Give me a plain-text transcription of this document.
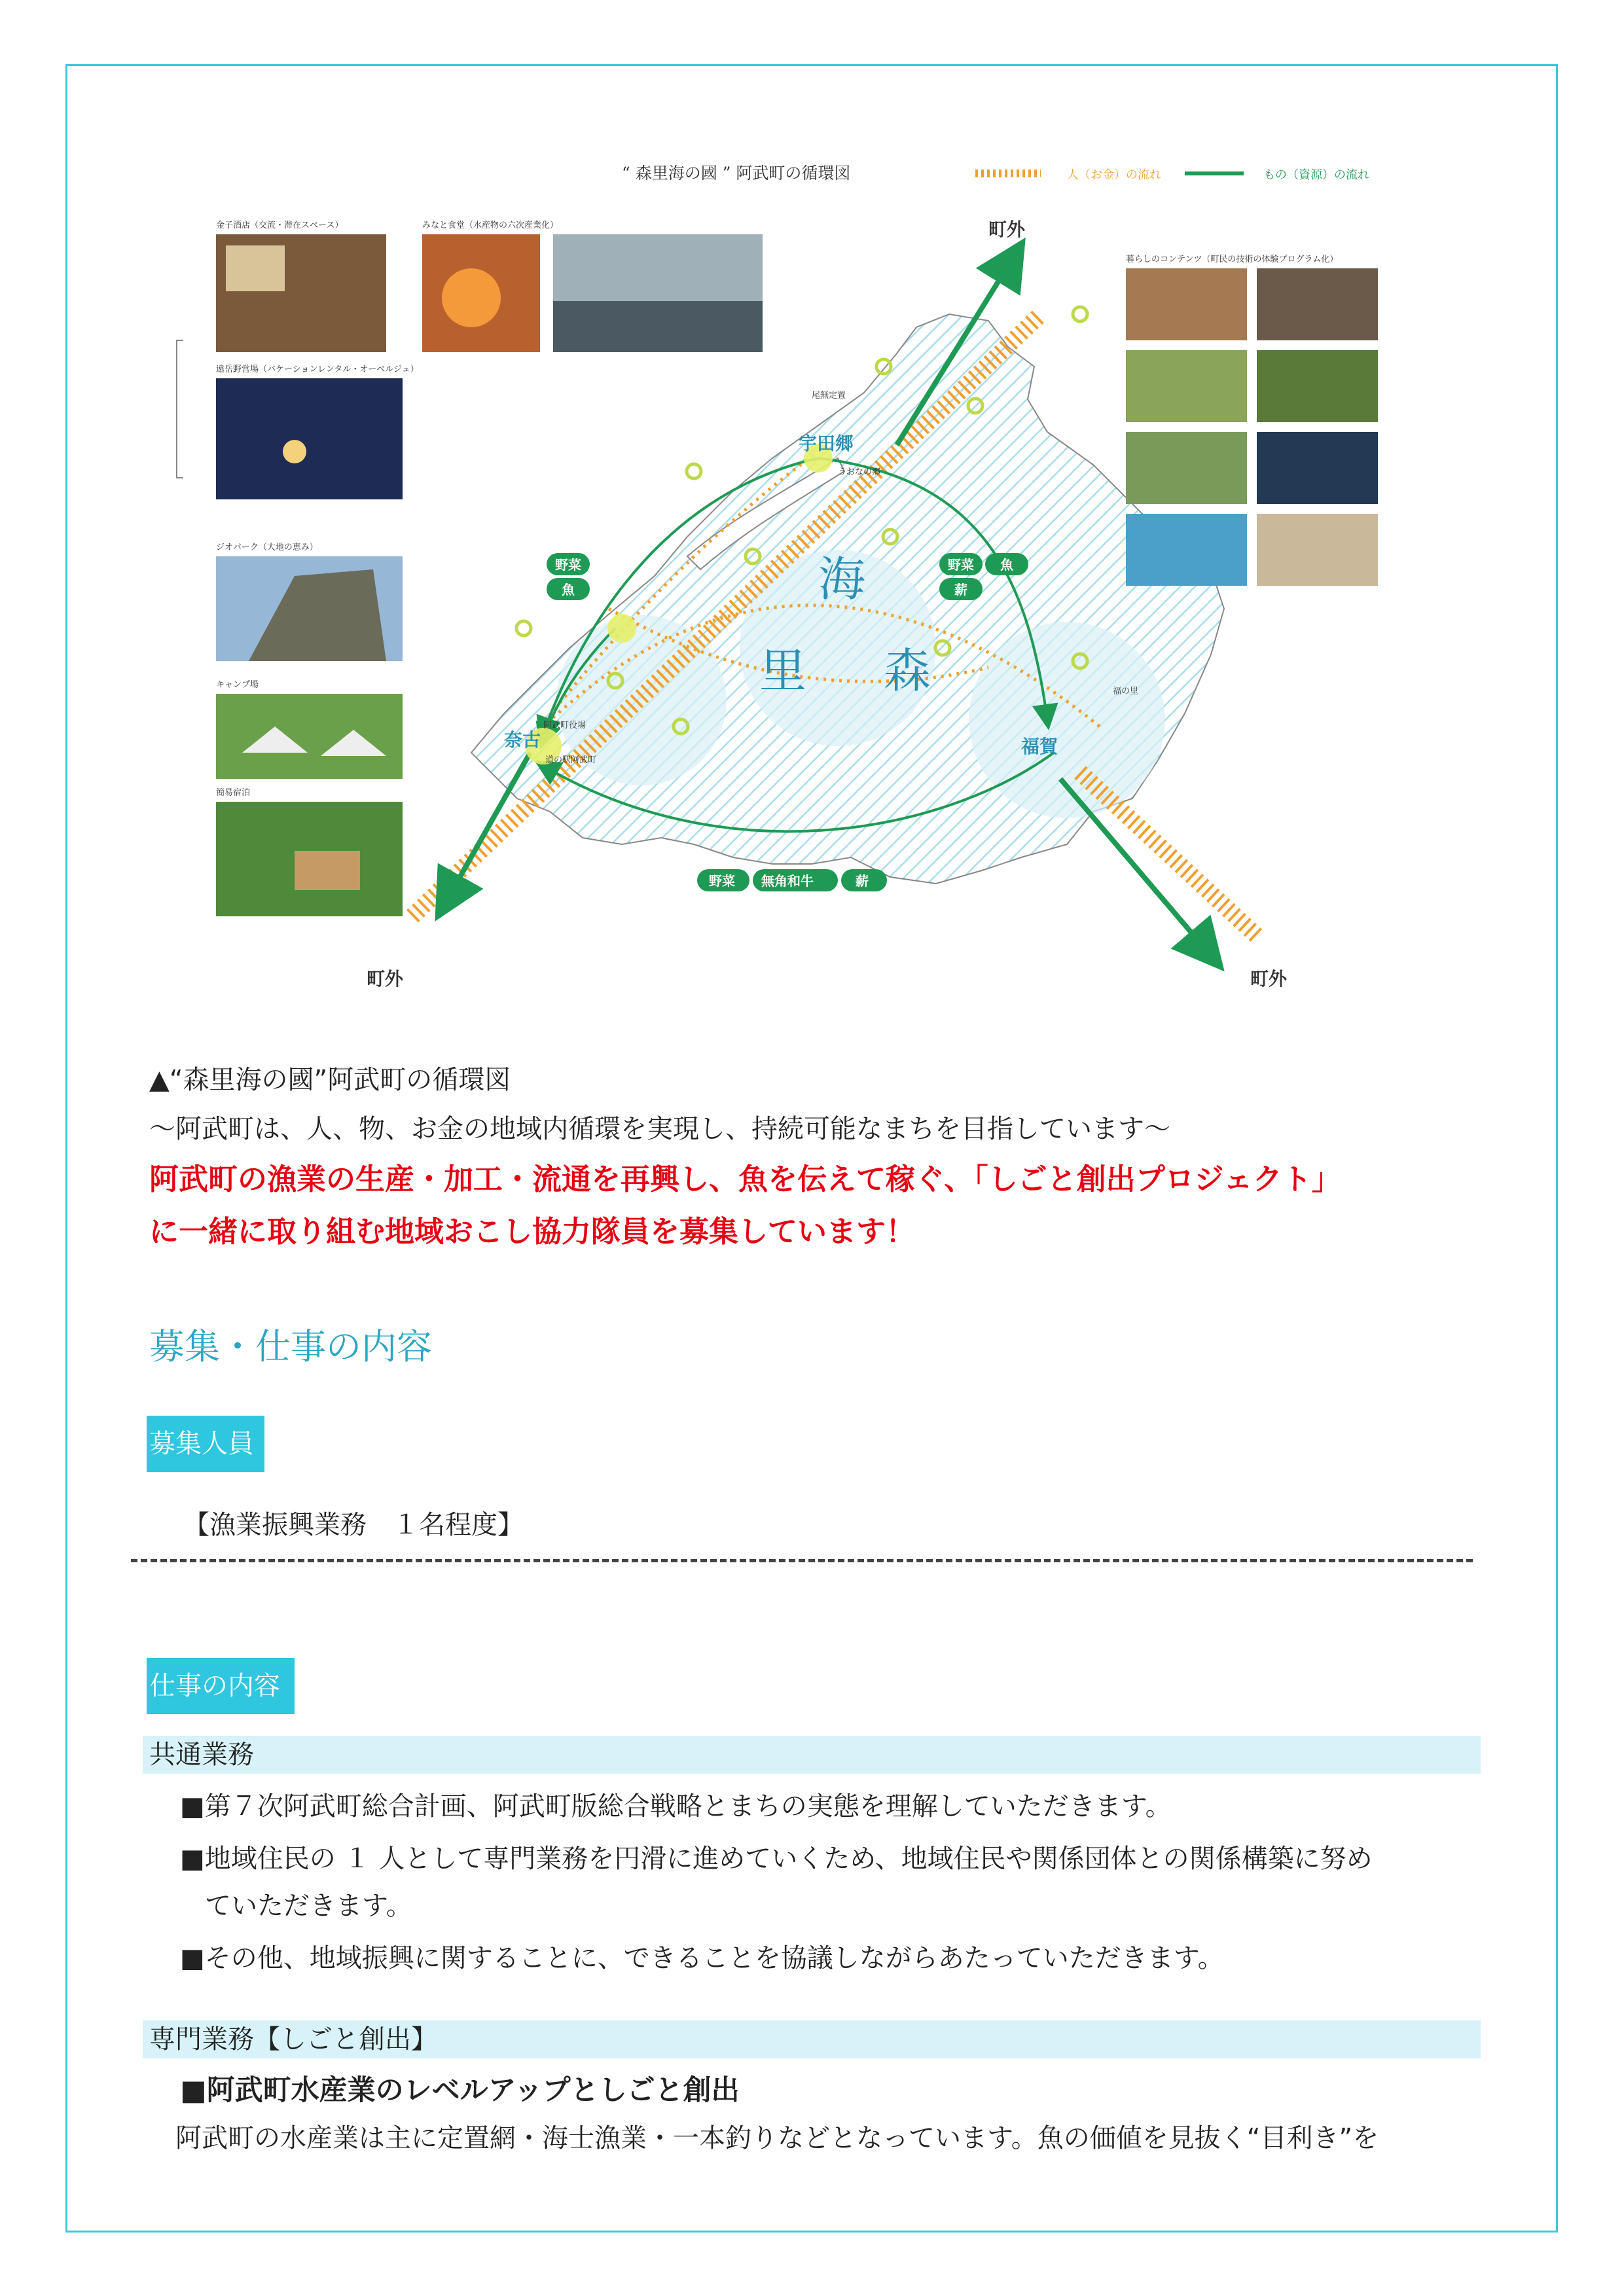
“ 森里海の國 ” 阿武町の循環図	人（お金）の流れ	もの（資源）の流れ
海
里 森
宇田郷
奈古	福賀
尾無定置
うおなの郷
阿武町役場
道の駅阿武町
福の里
町外
町外	町外
野菜
魚
野菜 魚
薪
野菜 無角和牛	薪
金子酒店（交流・滞在スペース）
遠岳野営場（バケーションレンタル・オーベルジュ）
ジオパーク（大地の恵み）
キャンプ場
簡易宿泊
みなと食堂（水産物の六次産業化）
暮らしのコンテンツ（町民の技術の体験プログラム化）
▲“森里海の國”阿武町の循環図
～阿武町は、人、物、お金の地域内循環を実現し、持続可能なまちを目指しています～
阿武町の漁業の生産・加工・流通を再興し、魚を伝えて稼ぐ、「しごと創出プロジェクト」
に一緒に取り組む地域おこし協力隊員を募集しています！
募集・仕事の内容
募集人員
【漁業振興業務　１名程度】
仕事の内容
共通業務
■第７次阿武町総合計画、阿武町版総合戦略とまちの実態を理解していただきます。
■地域住民の １ 人として専門業務を円滑に進めていくため、地域住民や関係団体との関係構築に努め
ていただきます。
■その他、地域振興に関することに、できることを協議しながらあたっていただきます。
専門業務【しごと創出】
■阿武町水産業のレベルアップとしごと創出
阿武町の水産業は主に定置網・海士漁業・一本釣りなどとなっています。魚の価値を見抜く“目利き”を
